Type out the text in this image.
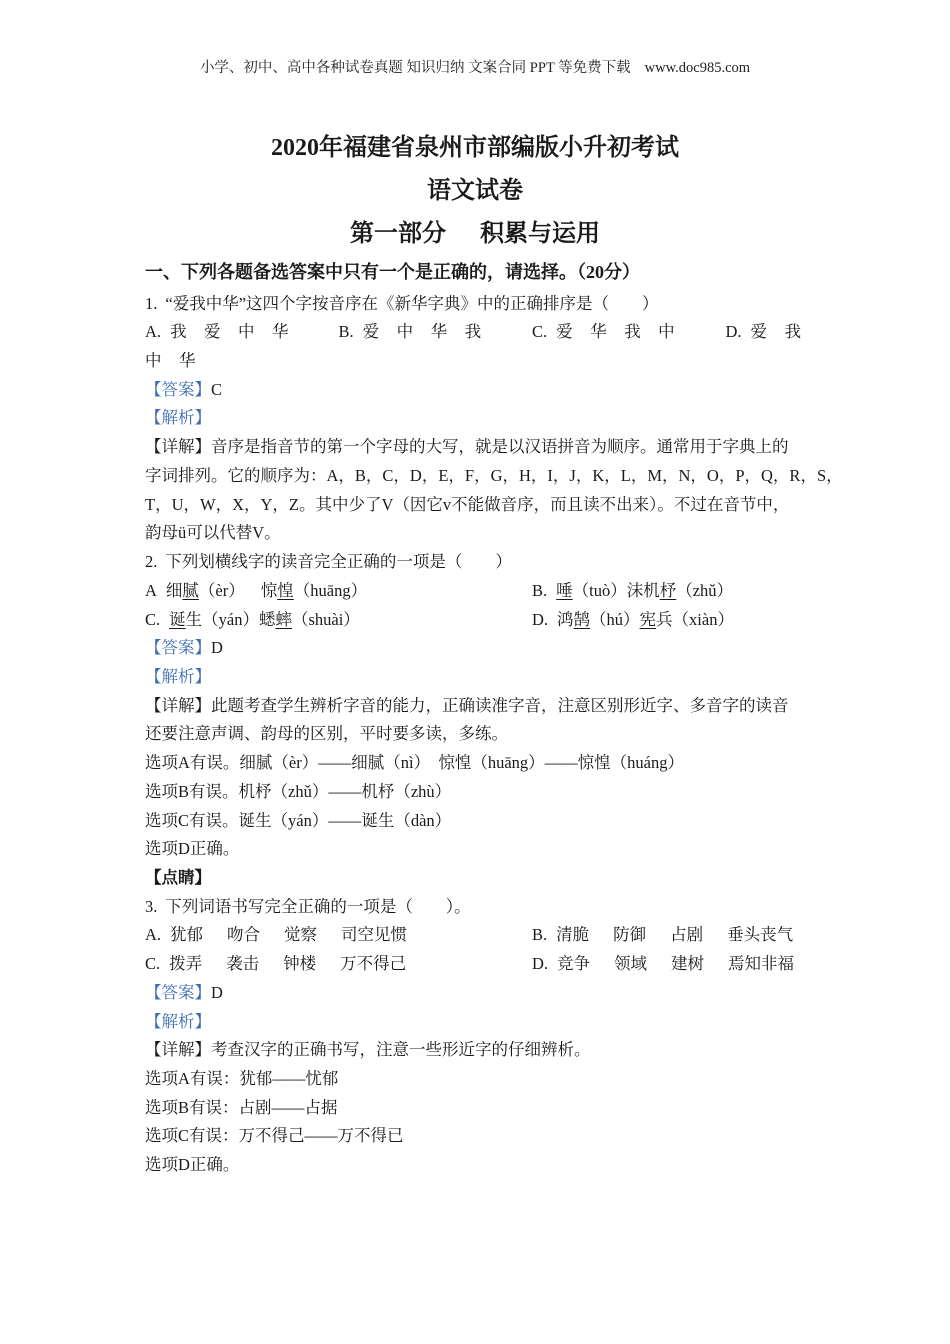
小学、初中、高中各种试卷真题 知识归纳 文案合同 PPT 等免费下载 www.doc985.com
2020年福建省泉州市部编版小升初考试
语文试卷
第一部分 积累与运用
一、下列各题备选答案中只有一个是正确的，请选择。（20分）
1. “爱我中华”这四个字按音序在《新华字典》中的正确排序是（　　）
A. 我爱中华 B. 爱中华我 C. 爱华我中 D. 爱我
中华
【答案】C
【解析】
【详解】音序是指音节的第一个字母的大写，就是以汉语拼音为顺序。通常用于字典上的
字词排列。它的顺序为：A，B，C，D，E，F，G，H，I，J，K，L，M，N，O，P，Q，R，S，
T，U，W，X，Y，Z。其中少了V（因它v不能做音序，而且读不出来）。不过在音节中，
韵母ü可以代替V。
2. 下列划横线字的读音完全正确的一项是（　　）
A 细腻（èr） 惊惶（huāng）	B. 唾（tuò）沫机杼（zhǔ）
C. 诞生（yán）蟋蟀（shuài）	D. 鸿鹄（hú）宪兵（xiàn）
【答案】D
【解析】
【详解】此题考查学生辨析字音的能力，正确读准字音，注意区别形近字、多音字的读音
还要注意声调、韵母的区别，平时要多读，多练。
选项A有误。细腻（èr）——细腻（nì）　惊惶（huāng）——惊惶（huáng）
选项B有误。机杼（zhǔ）——机杼（zhù）
选项C有误。诞生（yán）——诞生（dàn）
选项D正确。
【点睛】
3. 下列词语书写完全正确的一项是（　　）。
A. 犹郁 吻合 觉察 司空见惯	B. 清脆 防御 占剧 垂头丧气
C. 拨弄 袭击 钟楼 万不得己	D. 竞争 领域 建树 焉知非福
【答案】D
【解析】
【详解】考查汉字的正确书写，注意一些形近字的仔细辨析。
选项A有误：犹郁——忧郁
选项B有误：占剧——占据
选项C有误：万不得己——万不得已
选项D正确。
